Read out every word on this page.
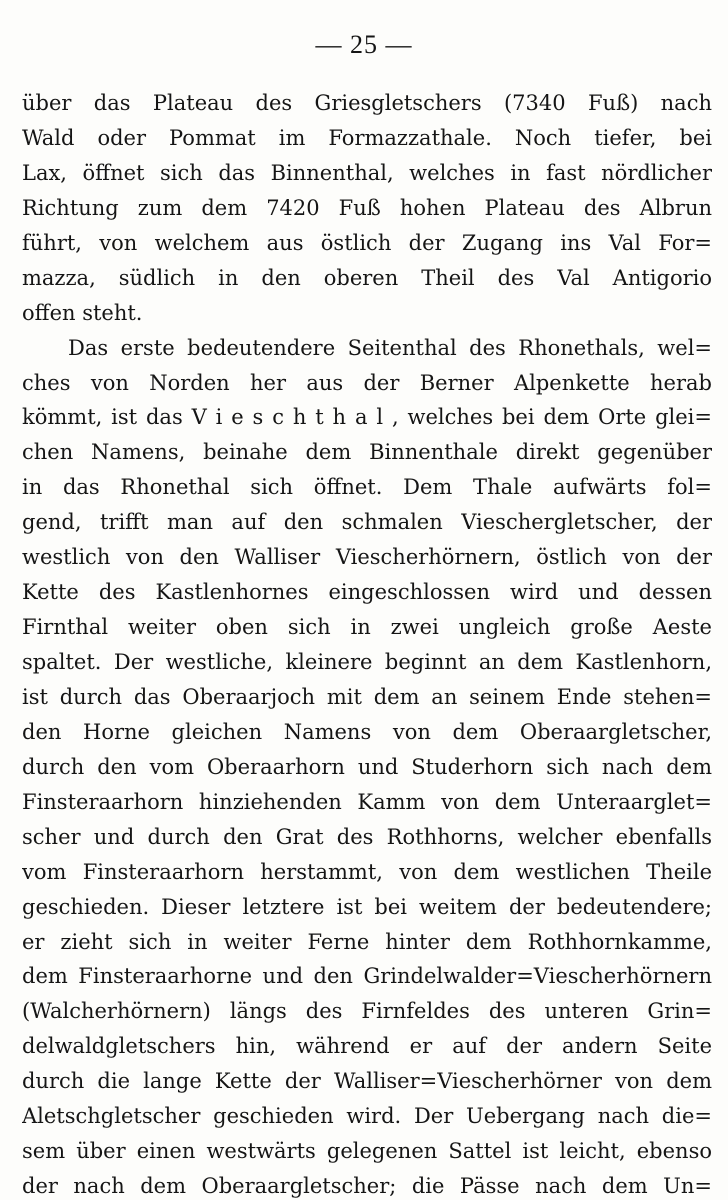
— 25 —
über das Plateau des Griesgletschers (7340 Fuß) nach
Wald oder Pommat im Formazzathale. Noch tiefer, bei
Lax, öffnet sich das Binnenthal, welches in fast nördlicher
Richtung zum dem 7420 Fuß hohen Plateau des Albrun
führt, von welchem aus östlich der Zugang ins Val For=
mazza, südlich in den oberen Theil des Val Antigorio
offen steht.
Das erste bedeutendere Seitenthal des Rhonethals, wel=
ches von Norden her aus der Berner Alpenkette herab
kömmt, ist das V i e s c h t h a l , welches bei dem Orte glei=
chen Namens, beinahe dem Binnenthale direkt gegenüber
in das Rhonethal sich öffnet. Dem Thale aufwärts fol=
gend, trifft man auf den schmalen Vieschergletscher, der
westlich von den Walliser Viescherhörnern, östlich von der
Kette des Kastlenhornes eingeschlossen wird und dessen
Firnthal weiter oben sich in zwei ungleich große Aeste
spaltet. Der westliche, kleinere beginnt an dem Kastlenhorn,
ist durch das Oberaarjoch mit dem an seinem Ende stehen=
den Horne gleichen Namens von dem Oberaargletscher,
durch den vom Oberaarhorn und Studerhorn sich nach dem
Finsteraarhorn hinziehenden Kamm von dem Unteraarglet=
scher und durch den Grat des Rothhorns, welcher ebenfalls
vom Finsteraarhorn herstammt, von dem westlichen Theile
geschieden. Dieser letztere ist bei weitem der bedeutendere;
er zieht sich in weiter Ferne hinter dem Rothhornkamme,
dem Finsteraarhorne und den Grindelwalder=Viescherhörnern
(Walcherhörnern) längs des Firnfeldes des unteren Grin=
delwaldgletschers hin, während er auf der andern Seite
durch die lange Kette der Walliser=Viescherhörner von dem
Aletschgletscher geschieden wird. Der Uebergang nach die=
sem über einen westwärts gelegenen Sattel ist leicht, ebenso
der nach dem Oberaargletscher; die Pässe nach dem Un=
